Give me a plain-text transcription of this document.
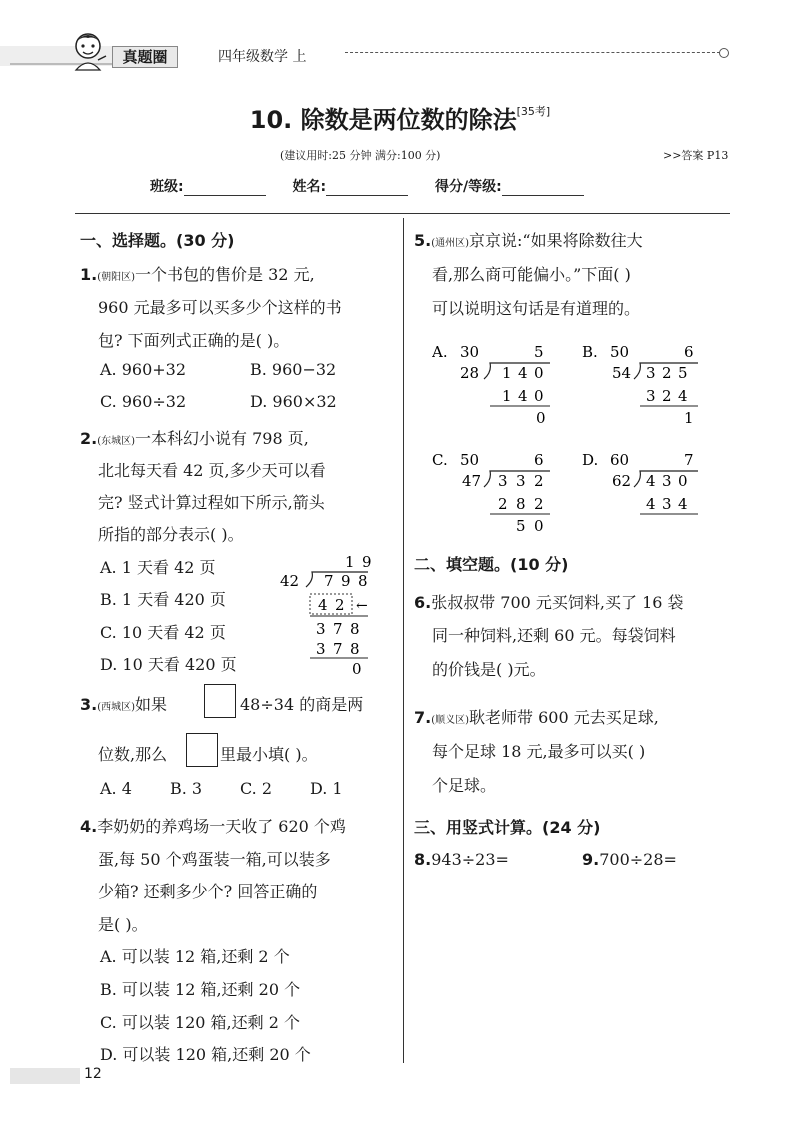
真题圈	四年级数学 上
10. 除数是两位数的除法[35考]
(建议用时:25 分钟 满分:100 分)	>>答案 P13
班级:	姓名:	得分/等级:
一、选择题。(30 分)
1.(朝阳区)一个书包的售价是 32 元,
960 元最多可以买多少个这样的书
包? 下面列式正确的是( )。
A. 960+32	B. 960−32
C. 960÷32	D. 960×32
2.(东城区)一本科幻小说有 798 页,
北北每天看 42 页,多少天可以看
完? 竖式计算过程如下所示,箭头
所指的部分表示( )。
A. 1 天看 42 页
B. 1 天看 420 页
C. 10 天看 42 页
D. 10 天看 420 页
1 9
42 7 9 8
4 2 ←
3 7 8
3 7 8
0
3.(西城区)如果	48÷34 的商是两
位数,那么	里最小填( )。
A. 4 B. 3 C. 2 D. 1
4.李奶奶的养鸡场一天收了 620 个鸡
蛋,每 50 个鸡蛋装一箱,可以装多
少箱? 还剩多少个? 回答正确的
是( )。
A. 可以装 12 箱,还剩 2 个
B. 可以装 12 箱,还剩 20 个
C. 可以装 120 箱,还剩 2 个
D. 可以装 120 箱,还剩 20 个
5.(通州区)京京说:“如果将除数往大
看,那么商可能偏小。”下面( )
可以说明这句话是有道理的。
A. 30	5
28 1 4 0
1 4 0
0
B. 50	6
54 3 2 5
3 2 4
1
C. 50	6
47 3 3 2
2 8 2
5 0
D. 60	7
62 4 3 0
4 3 4
二、填空题。(10 分)
6.张叔叔带 700 元买饲料,买了 16 袋
同一种饲料,还剩 60 元。每袋饲料
的价钱是( )元。
7.(顺义区)耿老师带 600 元去买足球,
每个足球 18 元,最多可以买( )
个足球。
三、用竖式计算。(24 分)
8.943÷23=	9.700÷28=
12
